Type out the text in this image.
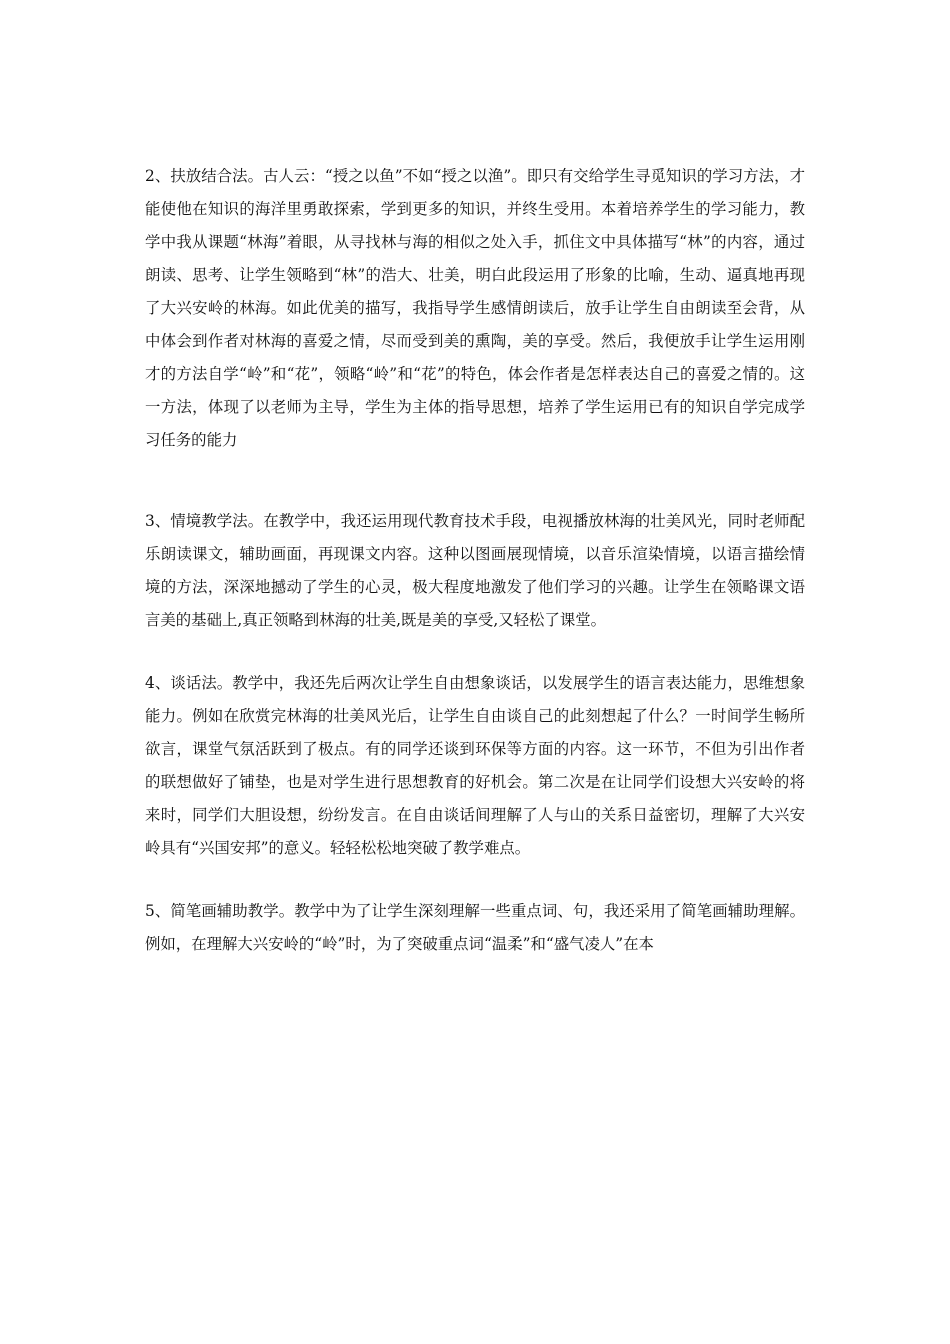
2、扶放结合法。古人云：“授之以鱼”不如“授之以渔”。即只有交给学生寻觅知识的学习方法，才能使他在知识的海洋里勇敢探索，学到更多的知识，并终生受用。本着培养学生的学习能力，教学中我从课题“林海”着眼，从寻找林与海的相似之处入手，抓住文中具体描写“林”的内容，通过朗读、思考、让学生领略到“林”的浩大、壮美，明白此段运用了形象的比喻，生动、逼真地再现了大兴安岭的林海。如此优美的描写，我指导学生感情朗读后，放手让学生自由朗读至会背，从中体会到作者对林海的喜爱之情，尽而受到美的熏陶，美的享受。然后，我便放手让学生运用刚才的方法自学“岭”和“花”，领略“岭”和“花”的特色，体会作者是怎样表达自己的喜爱之情的。这一方法，体现了以老师为主导，学生为主体的指导思想，培养了学生运用已有的知识自学完成学习任务的能力

3、情境教学法。在教学中，我还运用现代教育技术手段，电视播放林海的壮美风光，同时老师配乐朗读课文，辅助画面，再现课文内容。这种以图画展现情境，以音乐渲染情境，以语言描绘情境的方法，深深地撼动了学生的心灵，极大程度地激发了他们学习的兴趣。让学生在领略课文语言美的基础上,真正领略到林海的壮美,既是美的享受,又轻松了课堂。

4、谈话法。教学中，我还先后两次让学生自由想象谈话，以发展学生的语言表达能力，思维想象能力。例如在欣赏完林海的壮美风光后，让学生自由谈自己的此刻想起了什么？一时间学生畅所欲言，课堂气氛活跃到了极点。有的同学还谈到环保等方面的内容。这一环节，不但为引出作者的联想做好了铺垫，也是对学生进行思想教育的好机会。第二次是在让同学们设想大兴安岭的将来时，同学们大胆设想，纷纷发言。在自由谈话间理解了人与山的关系日益密切，理解了大兴安岭具有“兴国安邦”的意义。轻轻松松地突破了教学难点。

5、简笔画辅助教学。教学中为了让学生深刻理解一些重点词、句，我还采用了简笔画辅助理解。例如，在理解大兴安岭的“岭”时，为了突破重点词“温柔”和“盛气凌人”在本
